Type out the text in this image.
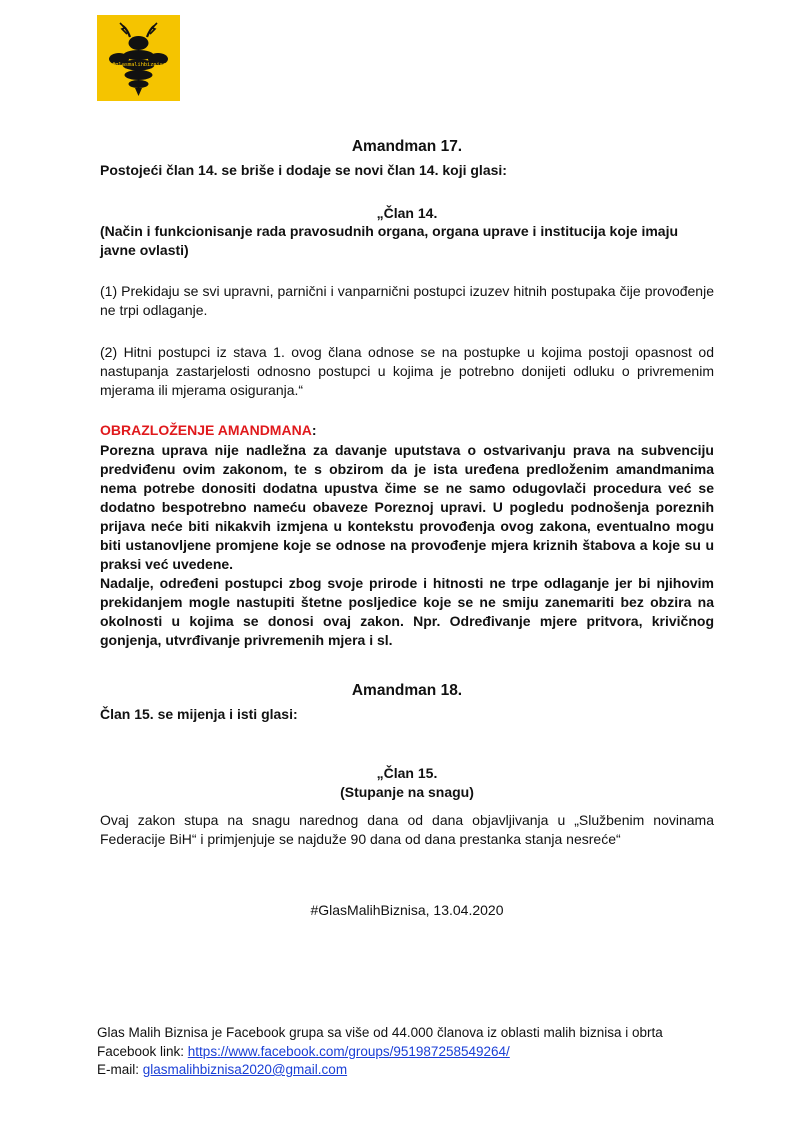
#glasmalihbiznisa
Amandman 17.
Postojeći član 14. se briše i dodaje se novi član 14. koji glasi:
„Član 14.
(Način i funkcionisanje rada pravosudnih organa, organa uprave i institucija koje imaju javne ovlasti)
(1) Prekidaju se svi upravni, parnični i vanparnični postupci izuzev hitnih postupaka čije provođenje ne trpi odlaganje.
(2) Hitni postupci iz stava 1. ovog člana odnose se na postupke u kojima postoji opasnost od nastupanja zastarjelosti odnosno postupci u kojima je potrebno donijeti odluku o privremenim mjerama ili mjerama osiguranja.“
OBRAZLOŽENJE AMANDMANA:
Porezna uprava nije nadležna za davanje uputstava o ostvarivanju prava na subvenciju predviđenu ovim zakonom, te s obzirom da je ista uređena predloženim amandmanima nema potrebe donositi dodatna upustva čime se ne samo odugovlači procedura već se dodatno bespotrebno nameću obaveze Poreznoj upravi. U pogledu podnošenja poreznih prijava neće biti nikakvih izmjena u kontekstu provođenja ovog zakona, eventualno mogu biti ustanovljene promjene koje se odnose na provođenje mjera kriznih štabova a koje su u praksi već uvedene.
Nadalje, određeni postupci zbog svoje prirode i hitnosti ne trpe odlaganje jer bi njihovim prekidanjem mogle nastupiti štetne posljedice koje se ne smiju zanemariti bez obzira na okolnosti u kojima se donosi ovaj zakon. Npr. Određivanje mjere pritvora, krivičnog gonjenja, utvrđivanje privremenih mjera i sl.
Amandman 18.
Član 15. se mijenja i isti glasi:
„Član 15.
(Stupanje na snagu)
Ovaj zakon stupa na snagu narednog dana od dana objavljivanja u „Službenim novinama Federacije BiH“ i primjenjuje se najduže 90 dana od dana prestanka stanja nesreće“
#GlasMalihBiznisa, 13.04.2020
Glas Malih Biznisa je Facebook grupa sa više od 44.000 članova iz oblasti malih biznisa i obrta
Facebook link: https://www.facebook.com/groups/951987258549264/
E-mail: glasmalihbiznisa2020@gmail.com
